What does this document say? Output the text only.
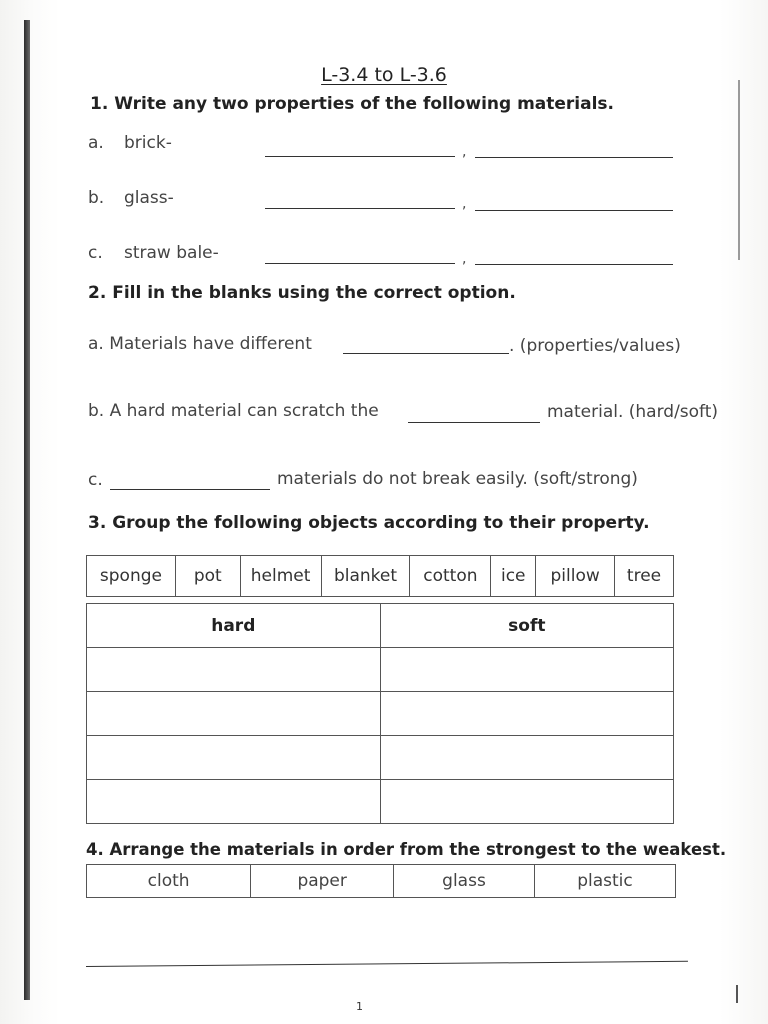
L-3.4 to L-3.6
1. Write any two properties of the following materials.
a. brick-	,
b. glass-	,
c. straw bale-	,
2. Fill in the blanks using the correct option.
a. Materials have different	. (properties/values)
b. A hard material can scratch the	material. (hard/soft)
c.	materials do not break easily. (soft/strong)
3. Group the following objects according to their property.
sponge	pot	helmet	blanket	cotton	ice	pillow	tree
hard	soft

4. Arrange the materials in order from the strongest to the weakest.
cloth	paper	glass	plastic
1
